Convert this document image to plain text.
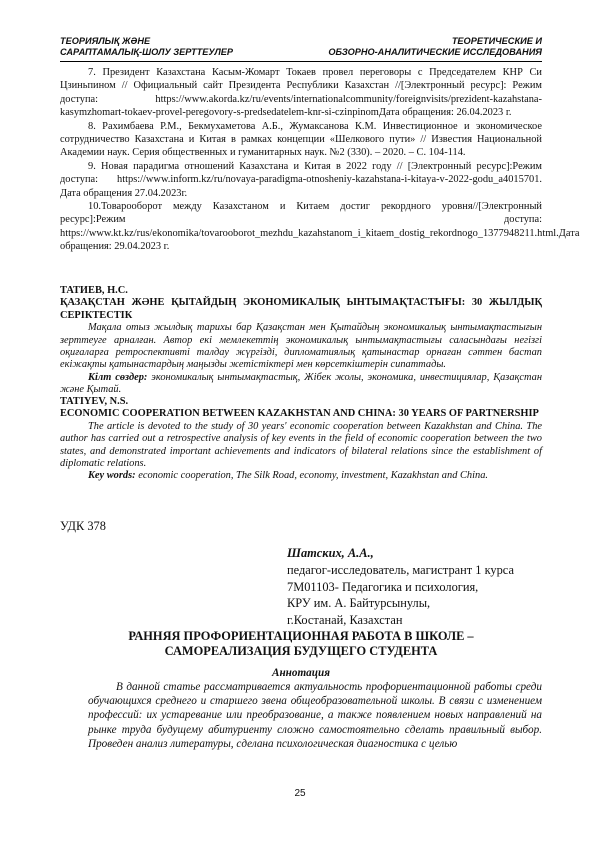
ТЕОРИЯЛЫҚ ЖӘНЕ
САРАПТАМАЛЫҚ-ШОЛУ ЗЕРТТЕУЛЕР
ТЕОРЕТИЧЕСКИЕ И
ОБЗОРНО-АНАЛИТИЧЕСКИЕ ИССЛЕДОВАНИЯ

7. Президент Казахстана Касым-Жомарт Токаев провел переговоры с Председателем КНР Си Цзиньпином // Официальный сайт Президента Республики Казахстан //[Электронный ресурс]: Режим доступа: https://www.akorda.kz/ru/events/internationalcommunity/foreignvisits/prezident-kazahstana-kasymzhomart-tokaev-provel-peregovory-s-predsedatelem-knr-si-czinpinomДата обращения: 26.04.2023 г.

8. Рахимбаева Р.М., Бекмухаметова А.Б., Жумаксанова К.М. Инвестиционное и экономическое сотрудничество Казахстана и Китая в рамках концепции «Шелкового пути» // Известия Национальной Академии наук. Серия общественных и гуманитарных наук. №2 (330). – 2020. – С. 104-114.

9. Новая парадигма отношений Казахстана и Китая в 2022 году // [Электронный ресурс]:Режим доступа: https://www.inform.kz/ru/novaya-paradigma-otnosheniy-kazahstana-i-kitaya-v-2022-godu_a4015701. Дата обращения 27.04.2023г.

10.Товарооборот между Казахстаном и Китаем достиг рекордного уровня//[Электронный ресурс]:Режим доступа: https://www.kt.kz/rus/ekonomika/tovarooborot_mezhdu_kazahstanom_i_kitaem_dostig_rekordnogo_1377948211.html.Дата обращения: 29.04.2023 г.

ТАТИЕВ, Н.С.
ҚАЗАҚСТАН ЖӘНЕ ҚЫТАЙДЫҢ ЭКОНОМИКАЛЫҚ ЫНТЫМАҚТАСТЫҒЫ: 30 ЖЫЛДЫҚ СЕРІКТЕСТІК

Мақала отыз жылдық тарихы бар Қазақстан мен Қытайдың экономикалық ынтымақтастығын зерттеуге арналған. Автор екі мемлекеттің экономикалық ынтымақтастығы саласындағы негізгі оқиғаларға ретроспективті талдау жүргізді, дипломатиялық қатынастар орнаған сәттен бастап екіжақты қатынастардың маңызды жетістіктері мен көрсеткіштерін сипаттады.

Кілт сөздер: экономикалық ынтымақтастық, Жібек жолы, экономика, инвестициялар, Қазақстан және Қытай.

TATIYEV, N.S.
ECONOMIC COOPERATION BETWEEN KAZAKHSTAN AND CHINA: 30 YEARS OF PARTNERSHIP

The article is devoted to the study of 30 years' economic cooperation between Kazakhstan and China. The author has carried out a retrospective analysis of key events in the field of economic cooperation between the two states, and demonstrated important achievements and indicators of bilateral relations since the establishment of diplomatic relations.

Key words: economic cooperation, The Silk Road, economy, investment, Kazakhstan and China.

УДК 378
Шатских, А.А.,
педагог-исследователь, магистрант 1 курса
7М01103- Педагогика и психология,
КРУ им. А. Байтурсынулы,
г.Костанай, Казахстан
РАННЯЯ ПРОФОРИЕНТАЦИОННАЯ РАБОТА В ШКОЛЕ –
САМОРЕАЛИЗАЦИЯ БУДУЩЕГО СТУДЕНТА
Аннотация

В данной статье рассматривается актуальность профориентационной работы среди обучающихся среднего и старшего звена общеобразовательной школы. В связи с изменением профессий: их устаревание или преобразование, а также появлением новых направлений на рынке труда будущему абитуриенту сложно самостоятельно сделать правильный выбор. Проведен анализ литературы, сделана психологическая диагностика с целью

25
